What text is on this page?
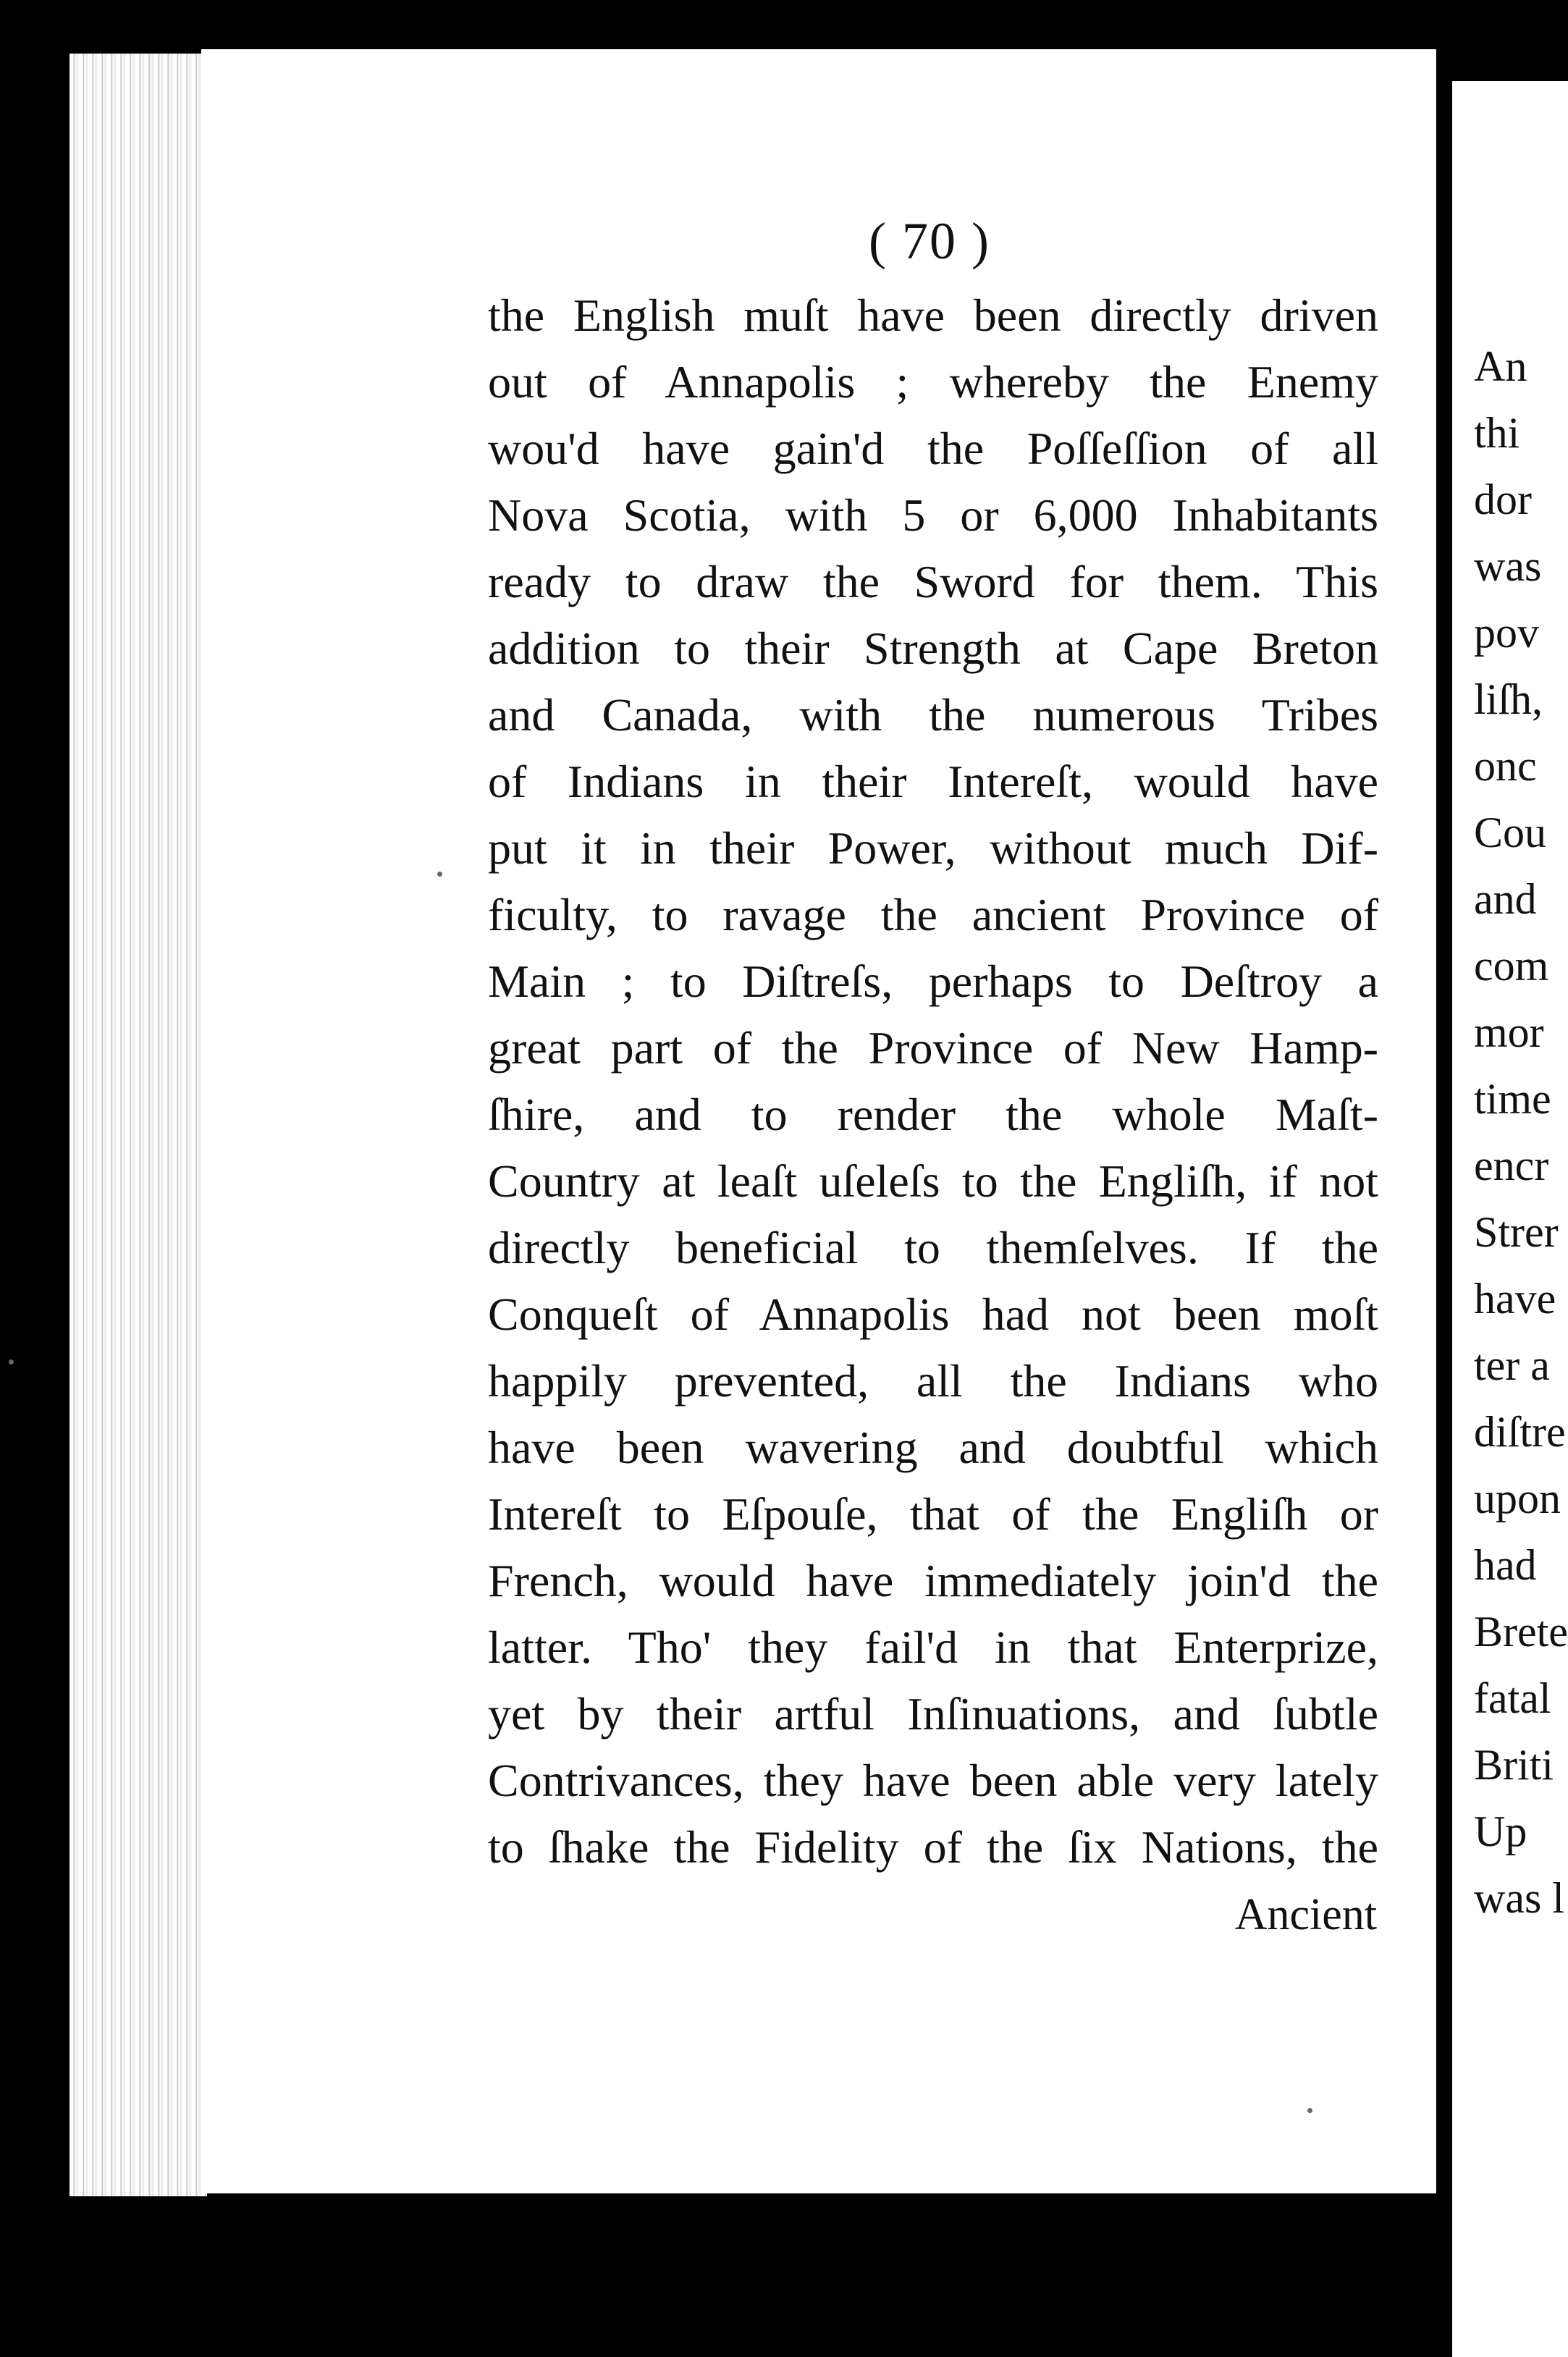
( 70 )
the English muſt have been directly driven
out of Annapolis ; whereby the Enemy
wou'd have gain'd the Poſſeſſion of all
Nova Scotia, with 5 or 6,000 Inhabitants
ready to draw the Sword for them. This
addition to their Strength at Cape Breton
and Canada, with the numerous Tribes
of Indians in their Intereſt, would have
put it in their Power, without much Dif-
ficulty, to ravage the ancient Province of
Main ; to Diſtreſs, perhaps to Deſtroy a
great part of the Province of New Hamp-
ſhire, and to render the whole Maſt-
Country at leaſt uſeleſs to the Engliſh, if not
directly beneficial to themſelves. If the
Conqueſt of Annapolis had not been moſt
happily prevented, all the Indians who
have been wavering and doubtful which
Intereſt to Eſpouſe, that of the Engliſh or
French, would have immediately join'd the
latter. Tho' they fail'd in that Enterprize,
yet by their artful Inſinuations, and ſubtle
Contrivances, they have been able very lately
to ſhake the Fidelity of the ſix Nations, the
Ancient
An
thi
dor
was
pov
liſh,
onc
Cou
and
com
mor
time
encr
Strer
have
ter a
diſtre
upon
had
Brete
fatal
Briti
Up
was l
